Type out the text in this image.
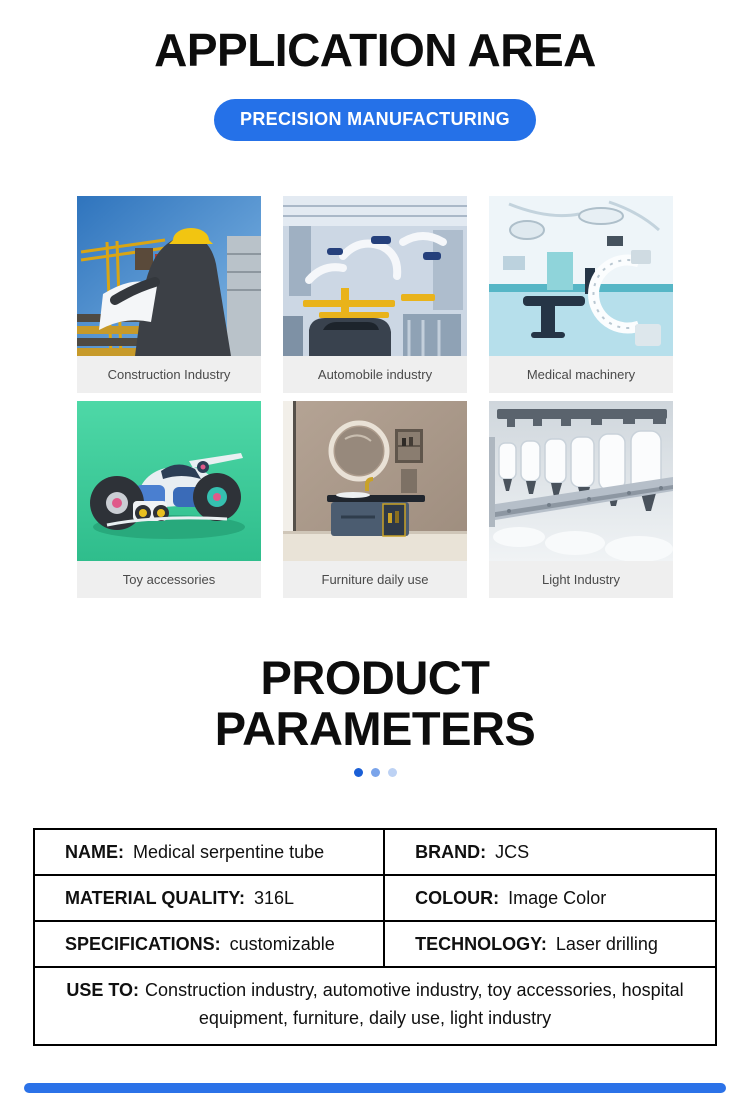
APPLICATION AREA
PRECISION MANUFACTURING
Construction Industry	Automobile industry	Medical machinery
Toy accessories	Furniture daily use	Light Industry
PRODUCT PARAMETERS
NAME: Medical serpentine tube	BRAND: JCS
MATERIAL QUALITY: 316L	COLOUR: Image Color
SPECIFICATIONS: customizable	TECHNOLOGY: Laser drilling
USE TO: Construction industry, automotive industry, toy accessories, hospital equipment, furniture, daily use, light industry
